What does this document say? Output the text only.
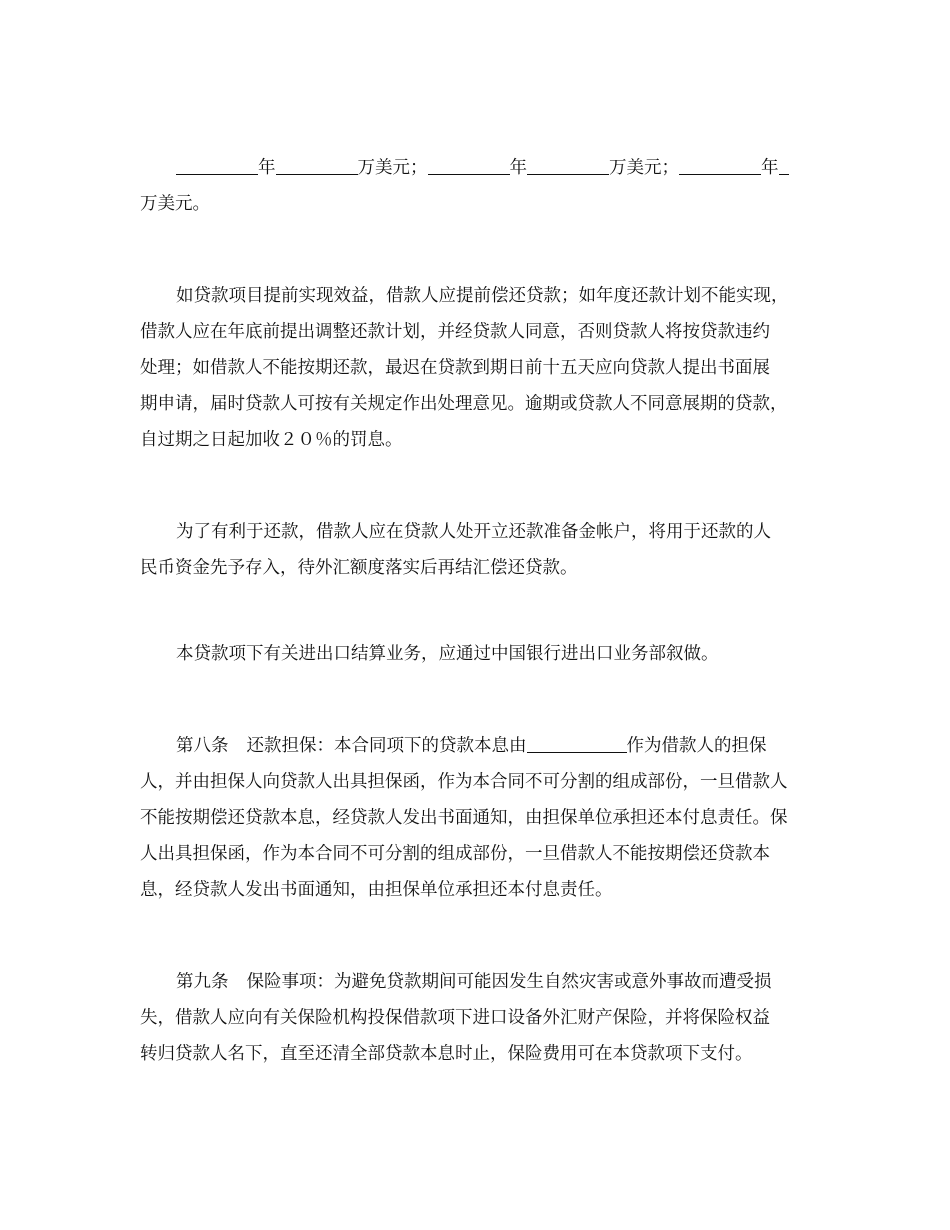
年	万美元；	年	万美元；	年
万美元。
如贷款项目提前实现效益，借款人应提前偿还贷款；如年度还款计划不能实现，
借款人应在年底前提出调整还款计划，并经贷款人同意，否则贷款人将按贷款违约
处理；如借款人不能按期还款，最迟在贷款到期日前十五天应向贷款人提出书面展
期申请，届时贷款人可按有关规定作出处理意见。逾期或贷款人不同意展期的贷款，
自过期之日起加收２０％的罚息。
为了有利于还款，借款人应在贷款人处开立还款准备金帐户，将用于还款的人
民币资金先予存入，待外汇额度落实后再结汇偿还贷款。
本贷款项下有关进出口结算业务，应通过中国银行进出口业务部叙做。
第八条 还款担保：本合同项下的贷款本息由	作为借款人的担保
人，并由担保人向贷款人出具担保函，作为本合同不可分割的组成部份，一旦借款人
不能按期偿还贷款本息，经贷款人发出书面通知，由担保单位承担还本付息责任。保
人出具担保函，作为本合同不可分割的组成部份，一旦借款人不能按期偿还贷款本
息，经贷款人发出书面通知，由担保单位承担还本付息责任。
第九条 保险事项：为避免贷款期间可能因发生自然灾害或意外事故而遭受损
失，借款人应向有关保险机构投保借款项下进口设备外汇财产保险，并将保险权益
转归贷款人名下，直至还清全部贷款本息时止，保险费用可在本贷款项下支付。
